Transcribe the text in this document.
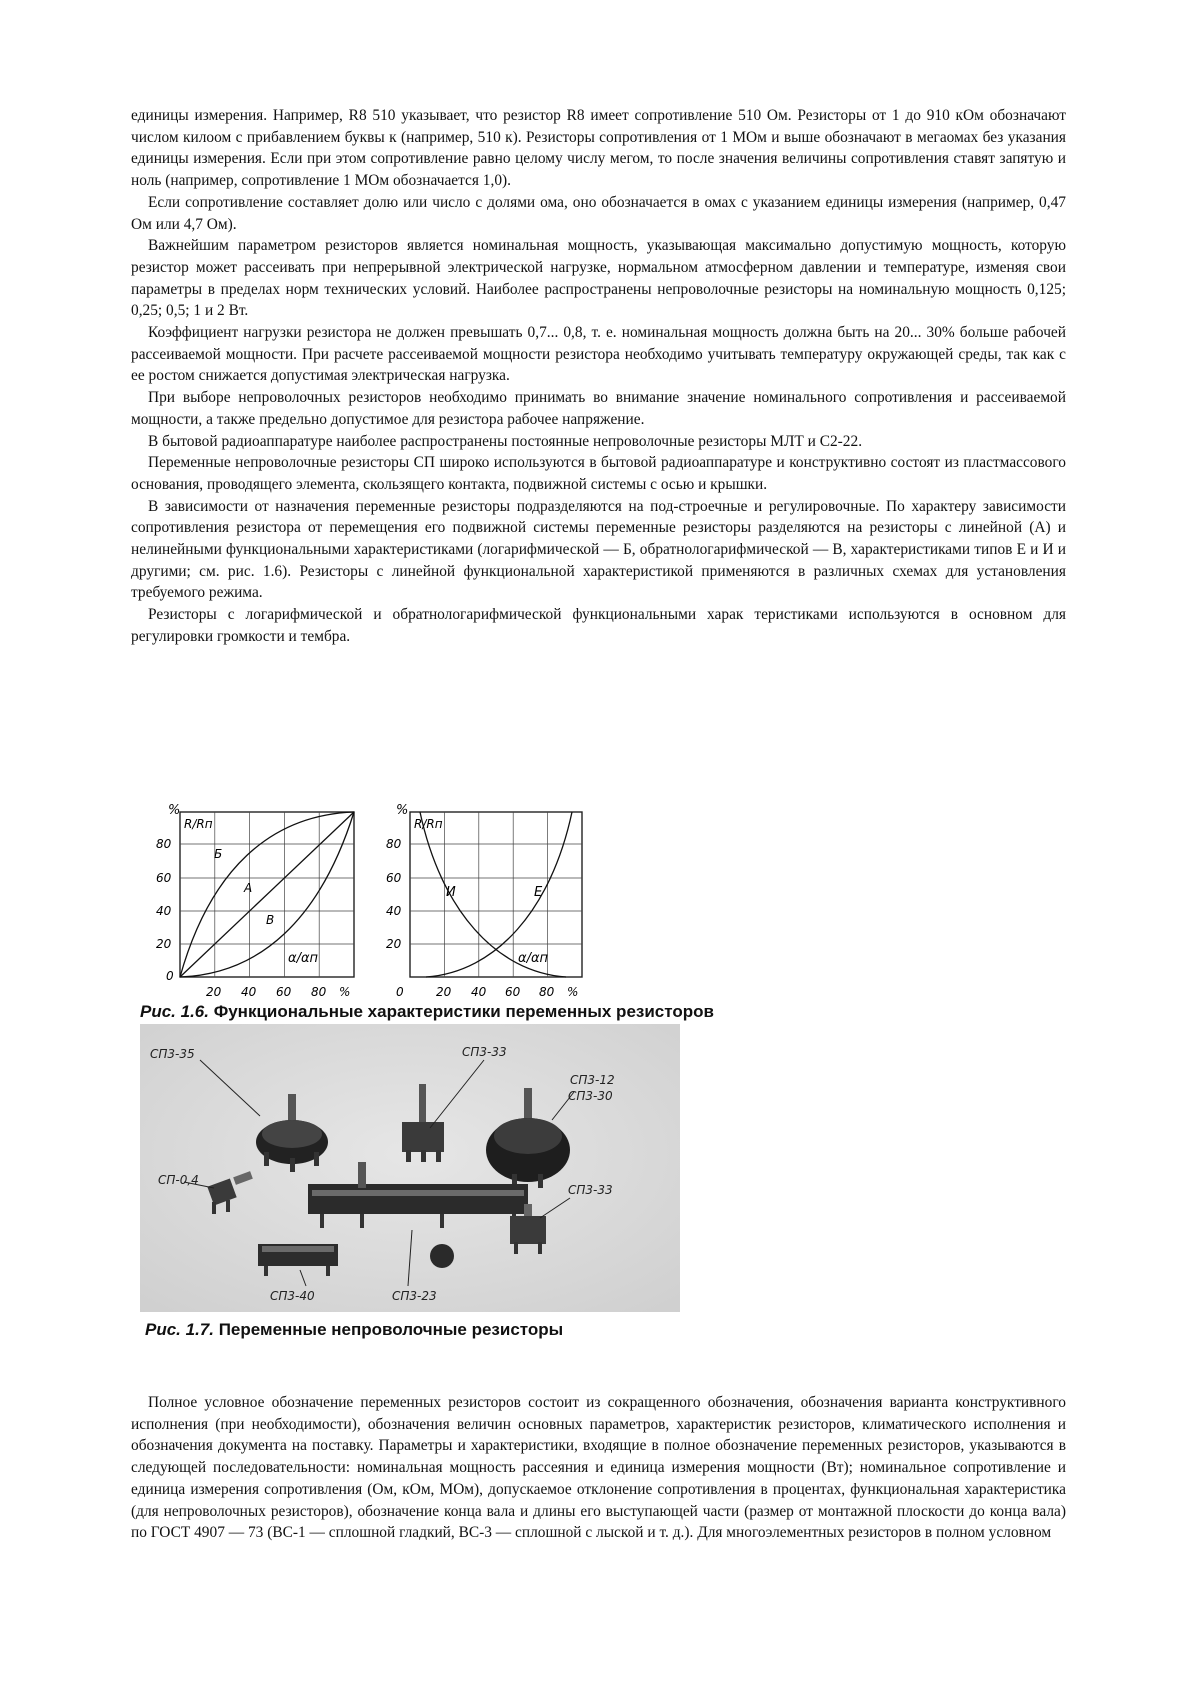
единицы измерения. Например, R8 510 указывает, что резистор R8 имеет сопротивление 510 Ом. Резисторы от 1 до 910 кОм обозначают числом килоом с прибавлением буквы к (например, 510 к). Резисторы сопротивления от 1 МОм и выше обозначают в мегаомах без указания единицы измерения. Если при этом сопротивление равно целому числу мегом, то после значения величины сопротивления ставят запятую и ноль (например, сопротивление 1 МОм обозначается 1,0).

Если сопротивление составляет долю или число с долями ома, оно обозначается в омах с указанием единицы измерения (например, 0,47 Ом или 4,7 Ом).

Важнейшим параметром резисторов является номинальная мощность, указывающая максимально допустимую мощность, которую резистор может рассеивать при непрерывной электрической нагрузке, нормальном атмосферном давлении и температуре, изменяя свои параметры в пределах норм технических условий. Наиболее распространены непроволочные резисторы на номинальную мощность 0,125; 0,25; 0,5; 1 и 2 Вт.

Коэффициент нагрузки резистора не должен превышать 0,7... 0,8, т. е. номинальная мощность должна быть на 20... 30% больше рабочей рассеиваемой мощности. При расчете рассеиваемой мощности резистора необходимо учитывать температуру окружающей среды, так как с ее ростом снижается допустимая электрическая нагрузка.

При выборе непроволочных резисторов необходимо принимать во внимание значение номинального сопротивления и рассеиваемой мощности, а также предельно допустимое для резистора рабочее напряжение.

В бытовой радиоаппаратуре наиболее распространены постоянные непроволочные резисторы МЛТ и С2-22.

Переменные непроволочные резисторы СП широко используются в бытовой радиоаппаратуре и конструктивно состоят из пластмассового основания, проводящего элемента, скользящего контакта, подвижной системы с осью и крышки.

В зависимости от назначения переменные резисторы подразделяются на под-строечные и регулировочные. По характеру зависимости сопротивления резистора от перемещения его подвижной системы переменные резисторы разделяются на резисторы с линейной (А) и нелинейными функциональными характеристиками (логарифмической — Б, обратнологарифмической — В, характеристиками типов Е и И и другими; см. рис. 1.6). Резисторы с линейной функциональной характеристикой применяются в различных схемах для установления требуемого режима.

Резисторы с логарифмической и обратнологарифмической функциональными харак теристиками используются в основном для регулировки громкости и тембра.

%
R/Rп
80
60
40
20
0
20 40 60 80 %
α/αп
Б
А
В
%
R/Rп
80
60
40
20
0	20 40 60 80 %
α/αп
И	Е
Рис. 1.6. Функциональные характеристики переменных резисторов
СП3-35	СП3-33
СП3-12
СП3-30
СП-0,4
СП3-33
СП3-40	СП3-23
Рис. 1.7. Переменные непроволочные резисторы

Полное условное обозначение переменных резисторов состоит из сокращенного обозначения, обозначения варианта конструктивного исполнения (при необходимости), обозначения величин основных параметров, характеристик резисторов, климатического исполнения и обозначения документа на поставку. Параметры и характеристики, входящие в полное обозначение переменных резисторов, указываются в следующей последовательности: номинальная мощность рассеяния и единица измерения мощности (Вт); номинальное сопротивление и единица измерения сопротивления (Ом, кОм, МОм), допускаемое отклонение сопротивления в процентах, функциональная характеристика (для непроволочных резисторов), обозначение конца вала и длины его выступающей части (размер от монтажной плоскости до конца вала) по ГОСТ 4907 — 73 (ВС-1 — сплошной гладкий, ВС-3 — сплошной с лыской и т. д.). Для многоэлементных резисторов в полном условном
